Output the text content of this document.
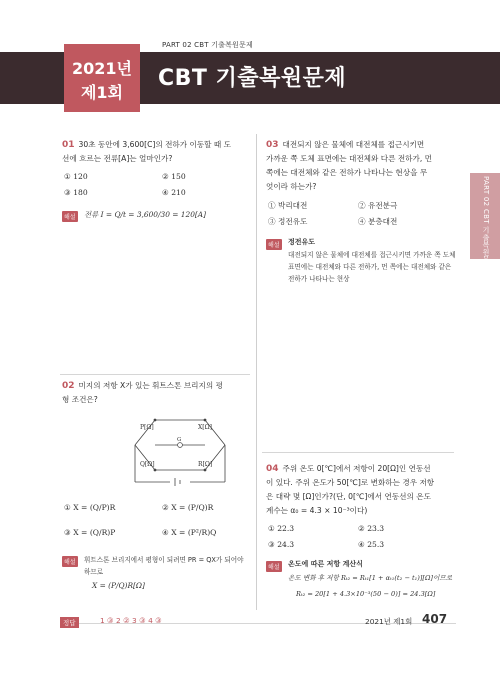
PART 02 CBT 기출복원문제
2021년
제1회
CBT 기출복원문제
PART 02 CBT 기출복원문제
01 30초 동안에 3,600[C]의 전하가 이동할 때 도
선에 흐르는 전류[A]는 얼마인가?
① 120	② 150
③ 180	④ 210
해설 전류 I = Q/t = 3,600/30 = 120[A]
02 미지의 저항 X가 있는 휘트스톤 브리지의 평
형 조건은?
P[Ω]	X[Ω]
Q[Ω]	R[Ω]
G
① X = (Q/P)R	② X = (P/Q)R
③ X = (Q/R)P	④ X = (P²/R)Q
해설	휘트스톤 브리지에서 평형이 되려면 PR = QX가 되어야
하므로
X = (P/Q)R[Ω]
03 대전되지 않은 물체에 대전체를 접근시키면
가까운 쪽 도체 표면에는 대전체와 다른 전하가, 먼
쪽에는 대전체와 같은 전하가 나타나는 현상을 무
엇이라 하는가?
① 박리대전	② 유전분극
③ 정전유도	④ 분층대전
해설 정전유도
대전되지 않은 물체에 대전체를 접근시키면 가까운 쪽 도체
표면에는 대전체와 다른 전하가, 먼 쪽에는 대전체와 같은
전하가 나타나는 현상
04 주위 온도 0[℃]에서 저항이 20[Ω]인 연동선
이 있다. 주위 온도가 50[℃]로 변화하는 경우 저항
은 대략 몇 [Ω]인가?(단, 0[℃]에서 연동선의 온도
계수는 α₀ = 4.3 × 10⁻³이다)
① 22.3	② 23.3
③ 24.3	④ 25.3
해설 온도에 따른 저항 계산식
온도 변화 후 저항 Rₜ₂ = Rₜ₁[1 + αₜ₁(t₂ − t₁)][Ω]이므로
Rₜ₂ = 20[1 + 4.3×10⁻³(50 − 0)] = 24.3[Ω]
정답	1 ③ 2 ② 3 ③ 4 ③	2021년 제1회 407
